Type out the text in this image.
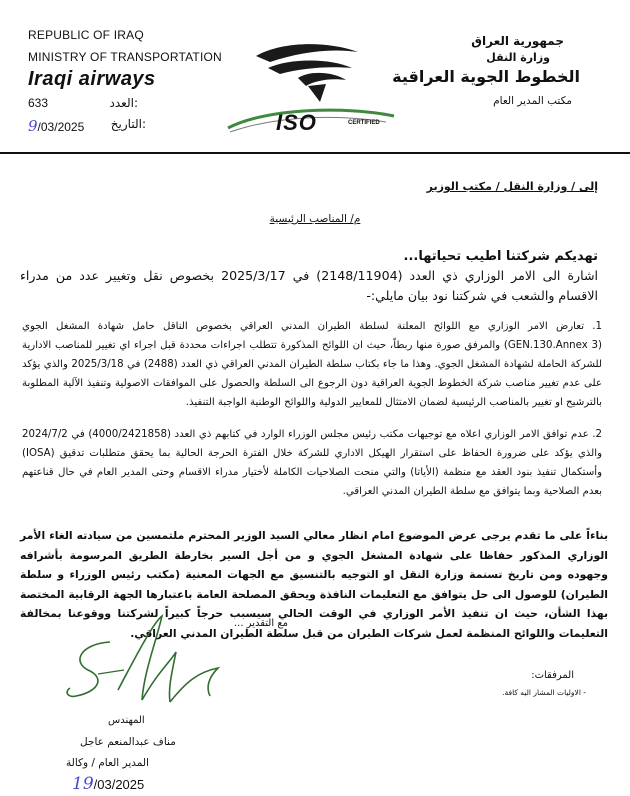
REPUBLIC OF IRAQ
MINISTRY OF TRANSPORTATION
Iraqi airways
633	العدد:
9/03/2025 التاريخ:	ISO	CERTIFIED
جمهورية العراق
وزارة النقل
الخطوط الجوية العراقية
مكتب المدير العام
إلى / وزارة النقل / مكتب الوزير
م/ المناصب الرئيسية
تهديكم شركتنا اطيب تحياتها...
اشارة الى الامر الوزاري ذي العدد (2148/11904) في 2025/3/17 بخصوص نقل وتغيير عدد من مدراء الاقسام والشعب في شركتنا نود بيان مايلي:-
1. تعارض الامر الوزاري مع اللوائح المعلنة لسلطة الطيران المدني العراقي بخصوص الناقل حامل شهادة المشغل الجوي (GEN.130.Annex 3) والمرفق صورة منها ربطاً، حيث ان اللوائح المذكورة تتطلب اجراءات محددة قبل اجراء اي تغيير للمناصب الادارية للشركة الحاملة لشهادة المشغل الجوي. وهذا ما جاء بكتاب سلطة الطيران المدني العراقي ذي العدد (2488) في 2025/3/18 والذي يؤكد على عدم تغيير مناصب شركة الخطوط الجوية العراقية دون الرجوع الى السلطة والحصول على الموافقات الاصولية وتنفيذ الآلية المطلوبة بالترشيح او تغيير بالمناصب الرئيسية لضمان الامتثال للمعايير الدولية واللوائح الوطنية الواجبة التنفيذ.
2. عدم توافق الامر الوزاري اعلاه مع توجيهات مكتب رئيس مجلس الوزراء الوارد في كتابهم ذي العدد (4000/2421858) في 2024/7/2 والذي يؤكد على ضرورة الحفاظ على استقرار الهيكل الاداري للشركة خلال الفترة الحرجة الحالية بما يحقق متطلبات تدقيق (IOSA) وأستكمال تنفيذ بنود العقد مع منظمة (الأياتا) والتي منحت الصلاحيات الكاملة لأختيار مدراء الاقسام وحتى المدير العام في حال قناعتهم بعدم الصلاحية وبما يتوافق مع سلطة الطيران المدني العراقي.
بناءاً على ما تقدم يرجى عرض الموضوع امام انظار معالي السيد الوزير المحترم ملتمسين من سيادته الغاء الأمر الوزاري المذكور حفاظا على شهادة المشغل الجوي و من أجل السير بخارطة الطريق المرسومة بأشرافه وجهوده ومن تاريخ تسنمة وزارة النقل او التوجيه بالتنسيق مع الجهات المعنية (مكتب رئيس الوزراء و سلطة الطيران) للوصول الى حل يتوافق مع التعليمات النافذة ويحقق المصلحة العامة باعتبارها الجهة الرقابية المختصة بهذا الشأن، حيث ان تنفيذ الأمر الوزاري في الوقت الحالي سيسبب حرجاً كبيراً لشركتنا ووقوعنا بمخالفة التعليمات واللوائح المنظمة لعمل شركات الطيران من قبل سلطة الطيران المدني العراقي.
مع التقدير ...
المهندس
مناف عبدالمنعم عاجل
المدير العام / وكالة
19/03/2025
المرفقات:
- الاوليات المشار اليه كافة.
